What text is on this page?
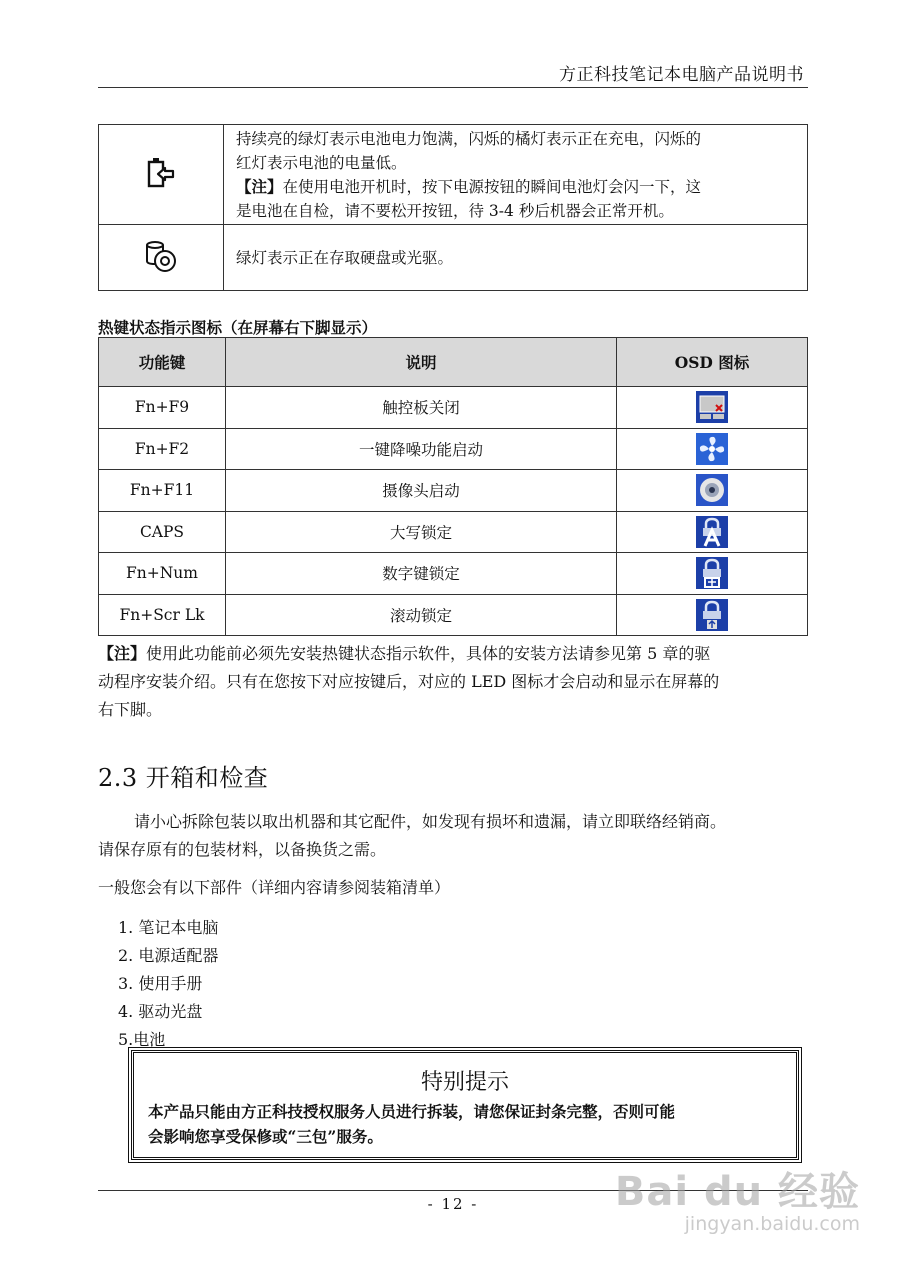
方正科技笔记本电脑产品说明书

持续亮的绿灯表示电池电力饱满，闪烁的橘灯表示正在充电，闪烁的
红灯表示电池的电量低。
【注】在使用电池开机时，按下电源按钮的瞬间电池灯会闪一下，这
是电池在自检，请不要松开按钮，待 3-4 秒后机器会正常开机。

	绿灯表示正在存取硬盘或光驱。
热键状态指示图标（在屏幕右下脚显示）
功能键	说明	OSD 图标
Fn+F9	触控板关闭	
Fn+F2	一键降噪功能启动	
Fn+F11	摄像头启动	
CAPS	大写锁定	
Fn+Num	数字键锁定	
Fn+Scr Lk	滚动锁定	
【注】使用此功能前必须先安装热键状态指示软件，具体的安装方法请参见第 5 章的驱
动程序安装介绍。只有在您按下对应按键后，对应的 LED 图标才会启动和显示在屏幕的
右下脚。
2.3 开箱和检查
请小心拆除包装以取出机器和其它配件，如发现有损坏和遗漏，请立即联络经销商。
请保存原有的包装材料，以备换货之需。
一般您会有以下部件（详细内容请参阅装箱清单）
1. 笔记本电脑
2. 电源适配器
3. 使用手册
4. 驱动光盘
5.电池
特别提示
本产品只能由方正科技授权服务人员进行拆装，请您保证封条完整，否则可能
会影响您享受保修或“三包”服务。
- 12 -	Bai du 经验
jingyan.baidu.com
